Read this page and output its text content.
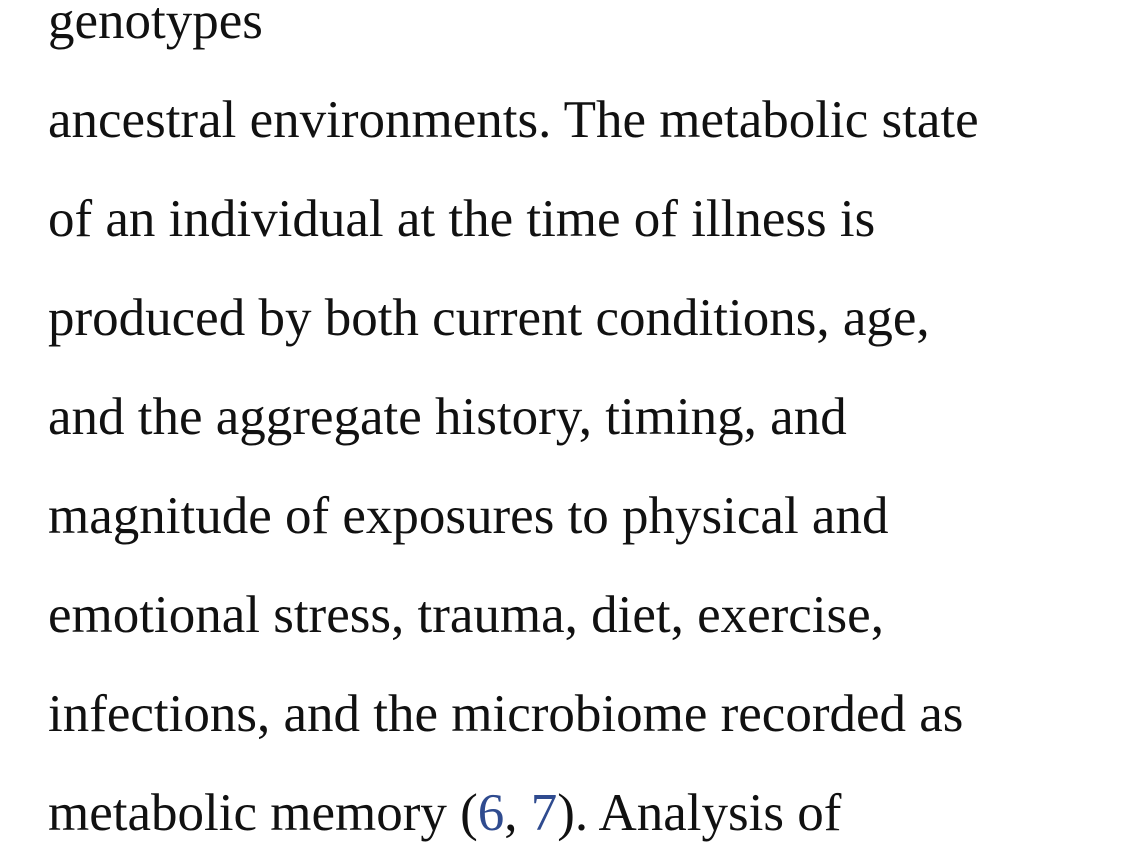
genotypes
ancestral environments. The metabolic state
of an individual at the time of illness is
produced by both current conditions, age,
and the aggregate history, timing, and
magnitude of exposures to physical and
emotional stress, trauma, diet, exercise,
infections, and the microbiome recorded as
metabolic memory (6, 7). Analysis of
